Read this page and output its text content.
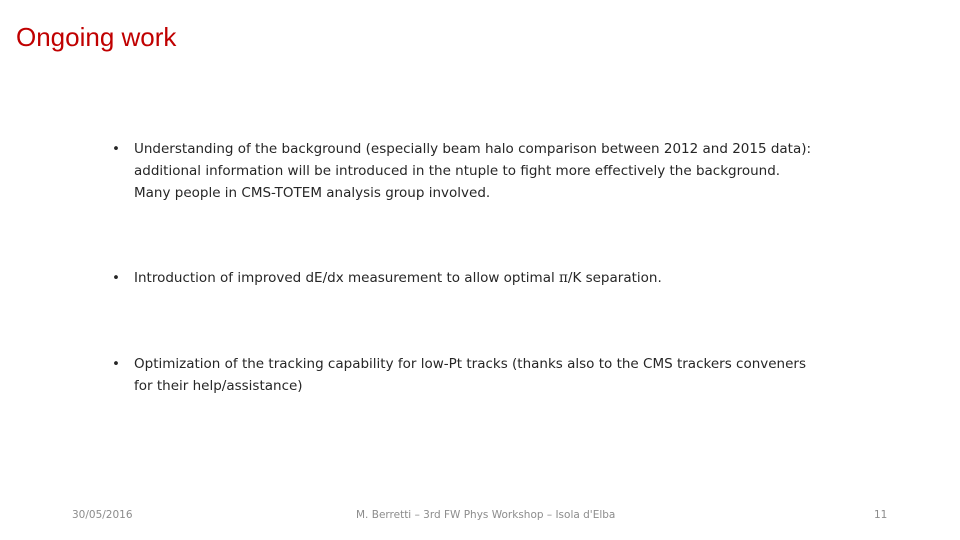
Ongoing work
•	Understanding of the background (especially beam halo comparison between 2012 and 2015 data): additional information will be introduced in the ntuple to fight more effectively the background. Many people in CMS-TOTEM analysis group involved.
•	Introduction of improved dE/dx measurement to allow optimal π/K separation.
•	Optimization of the tracking capability for low-Pt tracks (thanks also to the CMS trackers conveners for their help/assistance)
30/05/2016	M. Berretti – 3rd FW Phys Workshop – Isola d'Elba	11
